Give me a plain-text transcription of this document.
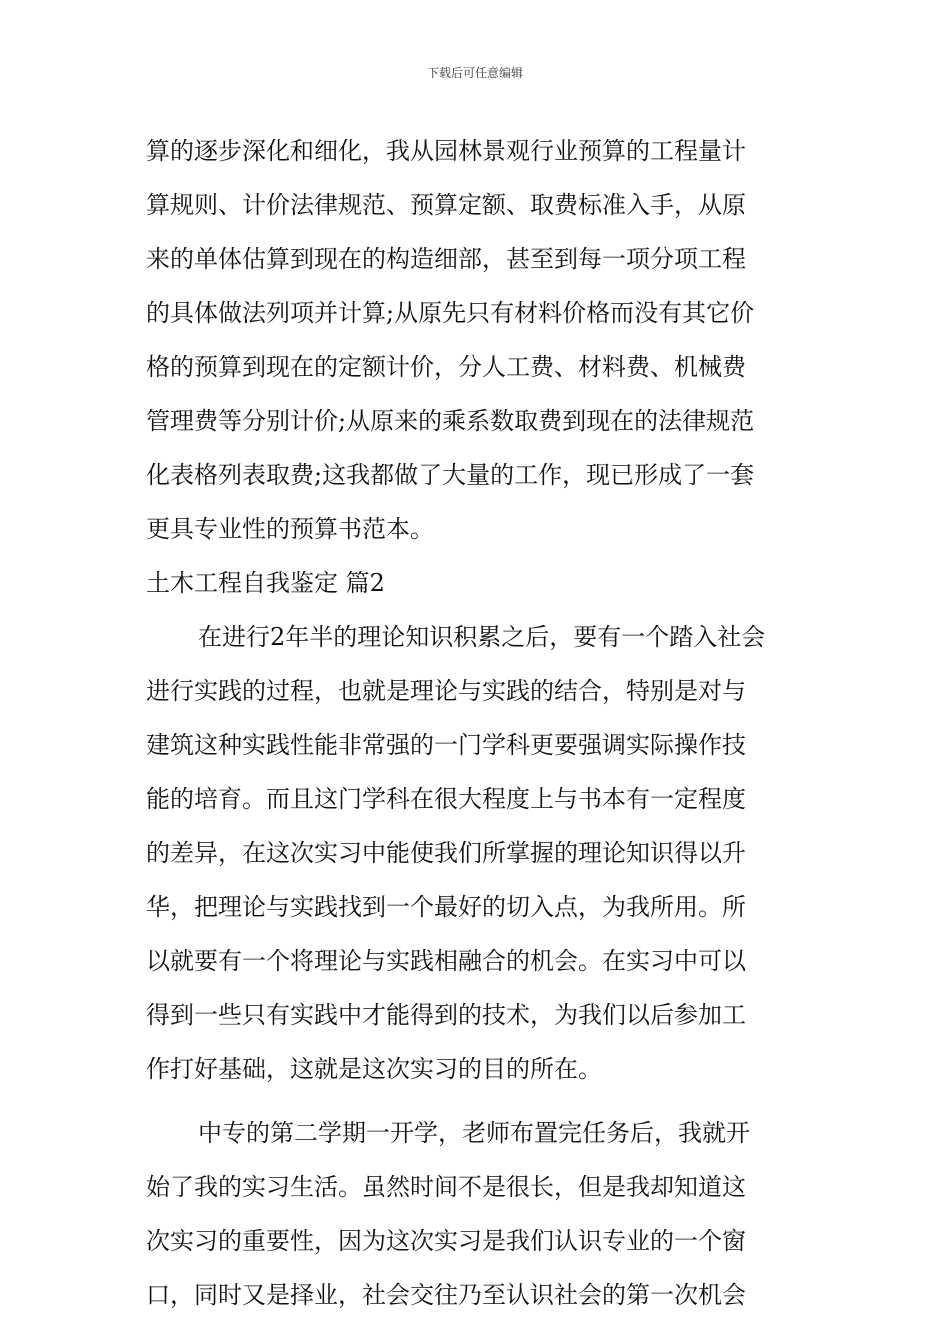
下载后可任意编辑
算的逐步深化和细化，我从园林景观行业预算的工程量计
算规则、计价法律规范、预算定额、取费标准入手，从原
来的单体估算到现在的构造细部，甚至到每一项分项工程
的具体做法列项并计算;从原先只有材料价格而没有其它价
格的预算到现在的定额计价，分人工费、材料费、机械费
管理费等分别计价;从原来的乘系数取费到现在的法律规范
化表格列表取费;这我都做了大量的工作，现已形成了一套
更具专业性的预算书范本。
土木工程自我鉴定 篇2
在进行2年半的理论知识积累之后，要有一个踏入社会
进行实践的过程，也就是理论与实践的结合，特别是对与
建筑这种实践性能非常强的一门学科更要强调实际操作技
能的培育。而且这门学科在很大程度上与书本有一定程度
的差异，在这次实习中能使我们所掌握的理论知识得以升
华，把理论与实践找到一个最好的切入点，为我所用。所
以就要有一个将理论与实践相融合的机会。在实习中可以
得到一些只有实践中才能得到的技术，为我们以后参加工
作打好基础，这就是这次实习的目的所在。
中专的第二学期一开学，老师布置完任务后，我就开
始了我的实习生活。虽然时间不是很长，但是我却知道这
次实习的重要性，因为这次实习是我们认识专业的一个窗
口，同时又是择业，社会交往乃至认识社会的第一次机会
